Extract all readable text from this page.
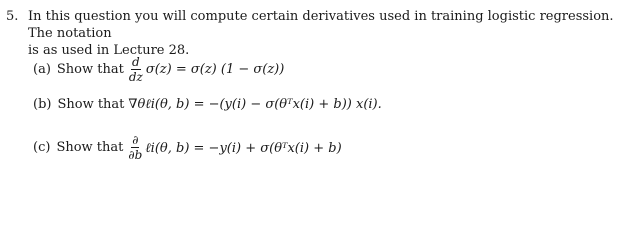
5. In this question you will compute certain derivatives used in training logistic regression. The notation
is as used in Lecture 28.
(a) Show that $\frac{d}{dz} \sigma(z) = \sigma(z) (1 - \sigma(z))$
(b) Show that ∇θℓi(θ, b) = −(y(i) − σ(θᵀx(i) + b)) x(i).
(c) Show that $\frac{\partial}{\partial b}$ ℓi(θ, b) = −y(i) + σ(θᵀx(i) + b)
